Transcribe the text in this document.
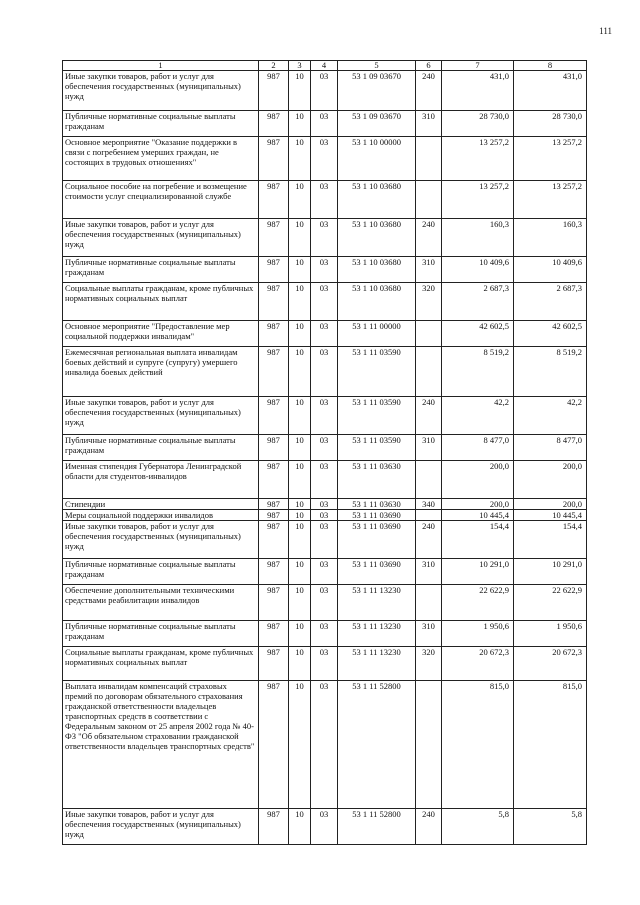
111
1	2	3	4	5	6	7	8
Иные закупки товаров, работ и услуг для обеспечения государственных (муниципальных) нужд	987	10	03	53 1 09 03670	240	431,0	431,0
Публичные нормативные социальные выплаты гражданам	987	10	03	53 1 09 03670	310	28 730,0	28 730,0
Основное мероприятие "Оказание поддержки в связи с погребением умерших граждан, не состоящих в трудовых отношениях"	987	10	03	53 1 10 00000		13 257,2	13 257,2
Социальное пособие на погребение и возмещение стоимости услуг специализированной службе	987	10	03	53 1 10 03680		13 257,2	13 257,2
Иные закупки товаров, работ и услуг для обеспечения государственных (муниципальных) нужд	987	10	03	53 1 10 03680	240	160,3	160,3
Публичные нормативные социальные выплаты гражданам	987	10	03	53 1 10 03680	310	10 409,6	10 409,6
Социальные выплаты гражданам, кроме публичных нормативных социальных выплат	987	10	03	53 1 10 03680	320	2 687,3	2 687,3
Основное мероприятие "Предоставление мер социальной поддержки инвалидам"	987	10	03	53 1 11 00000		42 602,5	42 602,5
Ежемесячная региональная выплата инвалидам боевых действий и супруге (супругу) умершего инвалида боевых действий	987	10	03	53 1 11 03590		8 519,2	8 519,2
Иные закупки товаров, работ и услуг для обеспечения государственных (муниципальных) нужд	987	10	03	53 1 11 03590	240	42,2	42,2
Публичные нормативные социальные выплаты гражданам	987	10	03	53 1 11 03590	310	8 477,0	8 477,0
Именная стипендия Губернатора Ленинградской области для студентов-инвалидов	987	10	03	53 1 11 03630		200,0	200,0
Стипендии	987	10	03	53 1 11 03630	340	200,0	200,0
Меры социальной поддержки инвалидов	987	10	03	53 1 11 03690		10 445,4	10 445,4
Иные закупки товаров, работ и услуг для обеспечения государственных (муниципальных) нужд	987	10	03	53 1 11 03690	240	154,4	154,4
Публичные нормативные социальные выплаты гражданам	987	10	03	53 1 11 03690	310	10 291,0	10 291,0
Обеспечение дополнительными техническими средствами реабилитации инвалидов	987	10	03	53 1 11 13230		22 622,9	22 622,9
Публичные нормативные социальные выплаты гражданам	987	10	03	53 1 11 13230	310	1 950,6	1 950,6
Социальные выплаты гражданам, кроме публичных нормативных социальных выплат	987	10	03	53 1 11 13230	320	20 672,3	20 672,3
Выплата инвалидам компенсаций страховых премий по договорам обязательного страхования гражданской ответственности владельцев транспортных средств в соответствии с Федеральным законом от 25 апреля 2002 года № 40-ФЗ "Об обязательном страховании гражданской ответственности владельцев транспортных средств"	987	10	03	53 1 11 52800		815,0	815,0
Иные закупки товаров, работ и услуг для обеспечения государственных (муниципальных) нужд	987	10	03	53 1 11 52800	240	5,8	5,8
